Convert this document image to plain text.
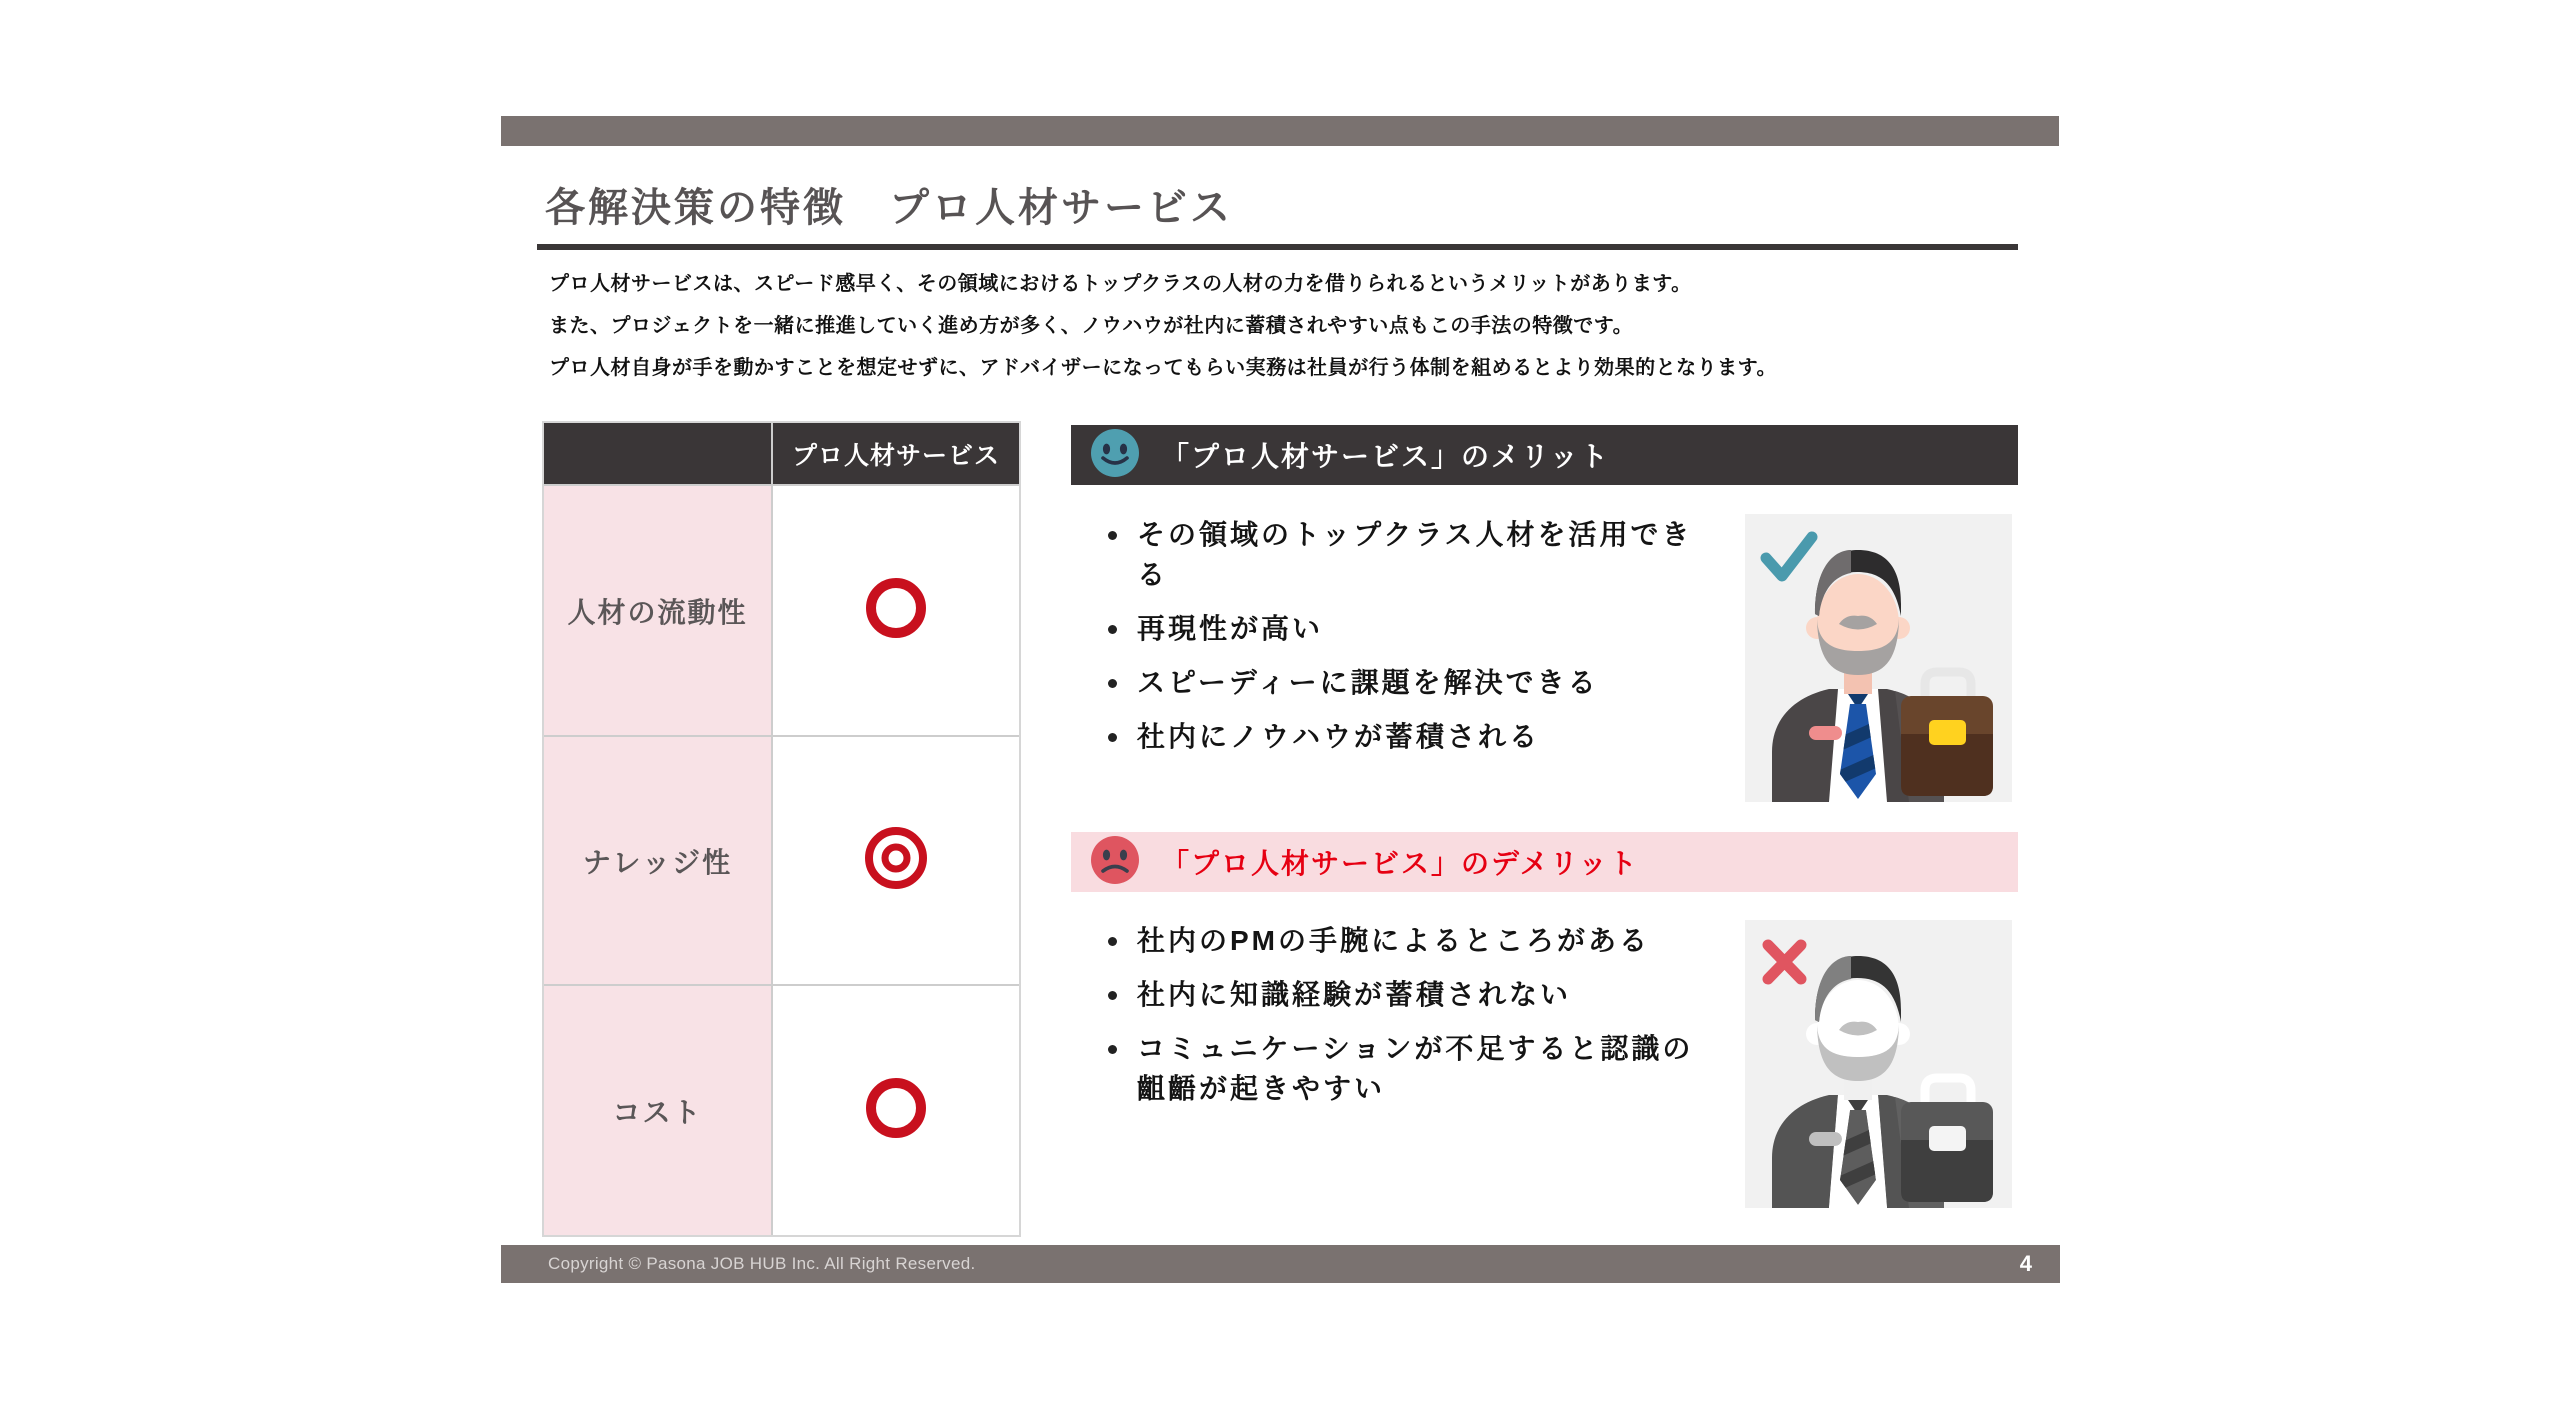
各解決策の特徴　プロ人材サービス

プロ人材サービスは、スピード感早く、その領域におけるトップクラスの人材の力を借りられるというメリットがあります。

また、プロジェクトを一緒に推進していく進め方が多く、ノウハウが社内に蓄積されやすい点もこの手法の特徴です。

プロ人材自身が手を動かすことを想定せずに、アドバイザーになってもらい実務は社員が行う体制を組めるとより効果的となります。

プロ人材サービス
人材の流動性
ナレッジ性
コスト
「プロ人材サービス」のメリット
その領域のトップクラス人材を活用できる
再現性が高い
スピーディーに課題を解決できる
社内にノウハウが蓄積される
「プロ人材サービス」のデメリット
社内のPMの手腕によるところがある
社内に知識経験が蓄積されない
コミュニケーションが不足すると認識の齟齬が起きやすい
Copyright © Pasona JOB HUB Inc. All Right Reserved.	4
